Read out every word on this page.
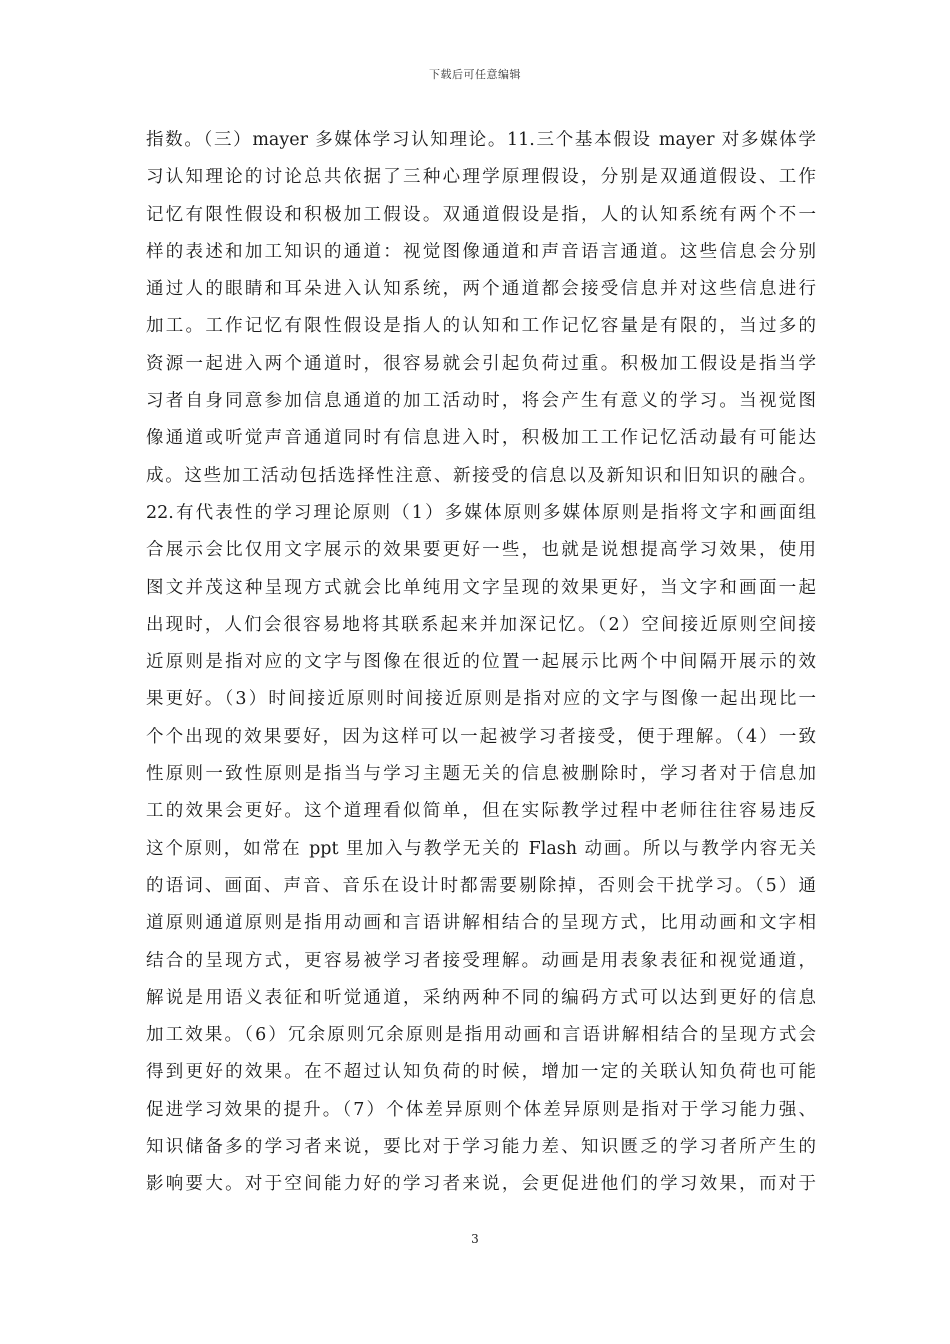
下载后可任意编辑
指数。（三）mayer 多媒体学习认知理论。11.三个基本假设 mayer 对多媒体学
习认知理论的讨论总共依据了三种心理学原理假设，分别是双通道假设、工作
记忆有限性假设和积极加工假设。双通道假设是指，人的认知系统有两个不一
样的表述和加工知识的通道：视觉图像通道和声音语言通道。这些信息会分别
通过人的眼睛和耳朵进入认知系统，两个通道都会接受信息并对这些信息进行
加工。工作记忆有限性假设是指人的认知和工作记忆容量是有限的，当过多的
资源一起进入两个通道时，很容易就会引起负荷过重。积极加工假设是指当学
习者自身同意参加信息通道的加工活动时，将会产生有意义的学习。当视觉图
像通道或听觉声音通道同时有信息进入时，积极加工工作记忆活动最有可能达
成。这些加工活动包括选择性注意、新接受的信息以及新知识和旧知识的融合。
22.有代表性的学习理论原则（1）多媒体原则多媒体原则是指将文字和画面组
合展示会比仅用文字展示的效果要更好一些，也就是说想提高学习效果，使用
图文并茂这种呈现方式就会比单纯用文字呈现的效果更好，当文字和画面一起
出现时，人们会很容易地将其联系起来并加深记忆。（2）空间接近原则空间接
近原则是指对应的文字与图像在很近的位置一起展示比两个中间隔开展示的效
果更好。（3）时间接近原则时间接近原则是指对应的文字与图像一起出现比一
个个出现的效果要好，因为这样可以一起被学习者接受，便于理解。（4）一致
性原则一致性原则是指当与学习主题无关的信息被删除时，学习者对于信息加
工的效果会更好。这个道理看似简单，但在实际教学过程中老师往往容易违反
这个原则，如常在 ppt 里加入与教学无关的 Flash 动画。所以与教学内容无关
的语词、画面、声音、音乐在设计时都需要剔除掉，否则会干扰学习。（5）通
道原则通道原则是指用动画和言语讲解相结合的呈现方式，比用动画和文字相
结合的呈现方式，更容易被学习者接受理解。动画是用表象表征和视觉通道，
解说是用语义表征和听觉通道，采纳两种不同的编码方式可以达到更好的信息
加工效果。（6）冗余原则冗余原则是指用动画和言语讲解相结合的呈现方式会
得到更好的效果。在不超过认知负荷的时候，增加一定的关联认知负荷也可能
促进学习效果的提升。（7）个体差异原则个体差异原则是指对于学习能力强、
知识储备多的学习者来说，要比对于学习能力差、知识匮乏的学习者所产生的
影响要大。对于空间能力好的学习者来说，会更促进他们的学习效果，而对于
3
